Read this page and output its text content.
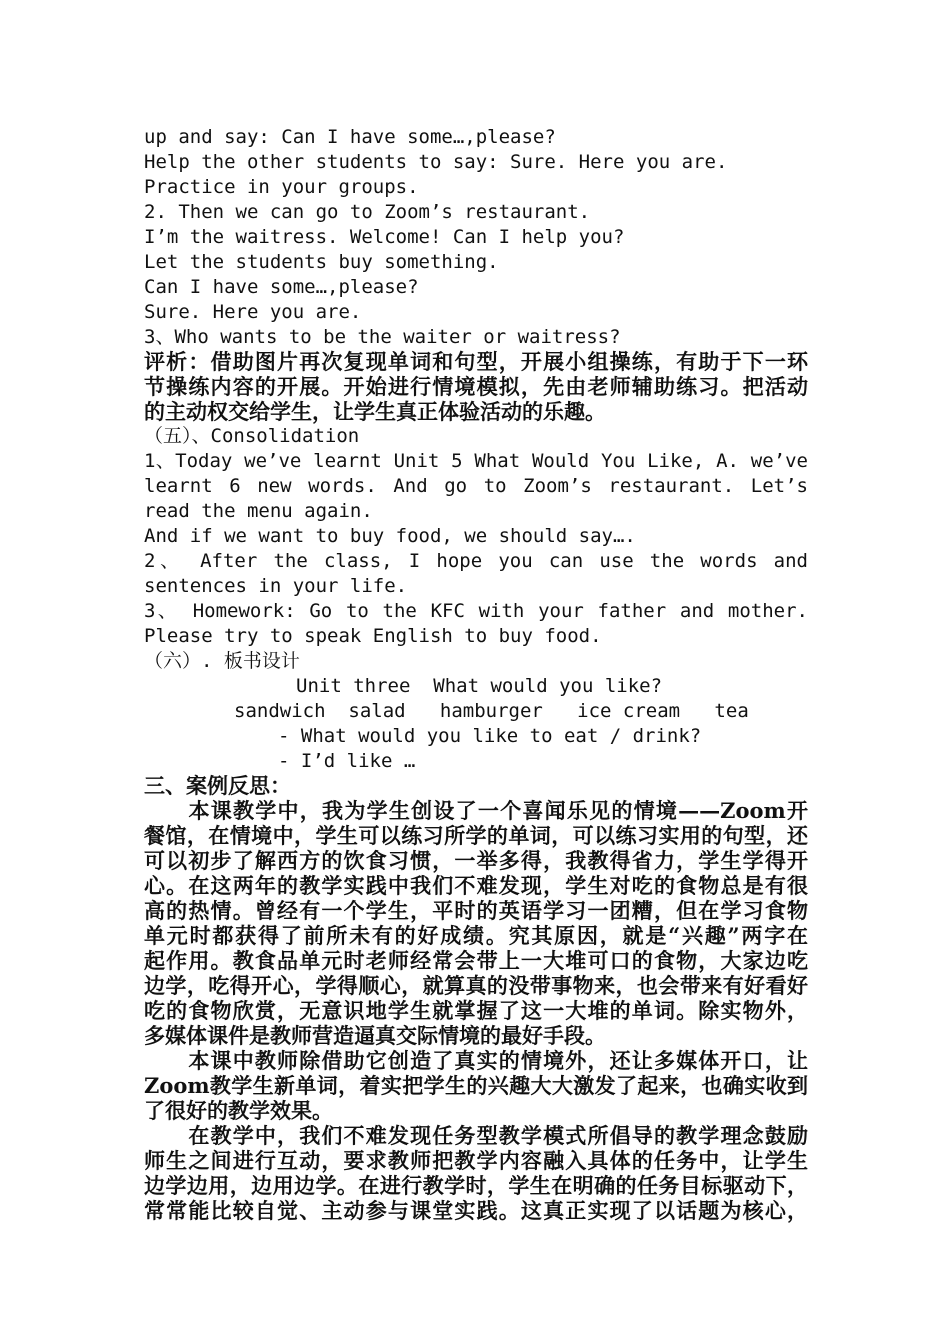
up and say: Can I have some…,please?
Help the other students to say: Sure. Here you are.
Practice in your groups.
2. Then we can go to Zoom’s restaurant.
I’m the waitress. Welcome! Can I help you?
Let the students buy something.
Can I have some…,please?
Sure. Here you are.
3、Who wants to be the waiter or waitress?
评析：借助图片再次复现单词和句型，开展小组操练，有助于下一环
节操练内容的开展。开始进行情境模拟，先由老师辅助练习。把活动
的主动权交给学生，让学生真正体验活动的乐趣。
（五）、Consolidation
1、Today we’ve learnt Unit 5 What Would You Like, A. we’ve
learnt 6 new words. And go to Zoom’s restaurant. Let’s
read the menu again.
And if we want to buy food, we should say….
2、 After the class, I hope you can use the words and
sentences in your life.
3、 Homework: Go to the KFC with your father and mother.
Please try to speak English to buy food.
（六）. 板书设计
Unit three  What would you like?
sandwich  salad   hamburger   ice cream   tea
- What would you like to eat / drink?
- I’d like …
三、案例反思：
　　本课教学中，我为学生创设了一个喜闻乐见的情境——Zoom开
餐馆，在情境中，学生可以练习所学的单词，可以练习实用的句型，还
可以初步了解西方的饮食习惯，一举多得，我教得省力，学生学得开
心。在这两年的教学实践中我们不难发现，学生对吃的食物总是有很
高的热情。曾经有一个学生，平时的英语学习一团糟，但在学习食物
单元时都获得了前所未有的好成绩。究其原因，就是“兴趣”两字在
起作用。教食品单元时老师经常会带上一大堆可口的食物，大家边吃
边学，吃得开心，学得顺心，就算真的没带事物来，也会带来有好看好
吃的食物欣赏，无意识地学生就掌握了这一大堆的单词。除实物外，
多媒体课件是教师营造逼真交际情境的最好手段。
　　本课中教师除借助它创造了真实的情境外，还让多媒体开口，让
Zoom教学生新单词，着实把学生的兴趣大大激发了起来，也确实收到
了很好的教学效果。
　　在教学中，我们不难发现任务型教学模式所倡导的教学理念鼓励
师生之间进行互动，要求教师把教学内容融入具体的任务中，让学生
边学边用，边用边学。在进行教学时，学生在明确的任务目标驱动下，
常常能比较自觉、主动参与课堂实践。这真正实现了以话题为核心，
